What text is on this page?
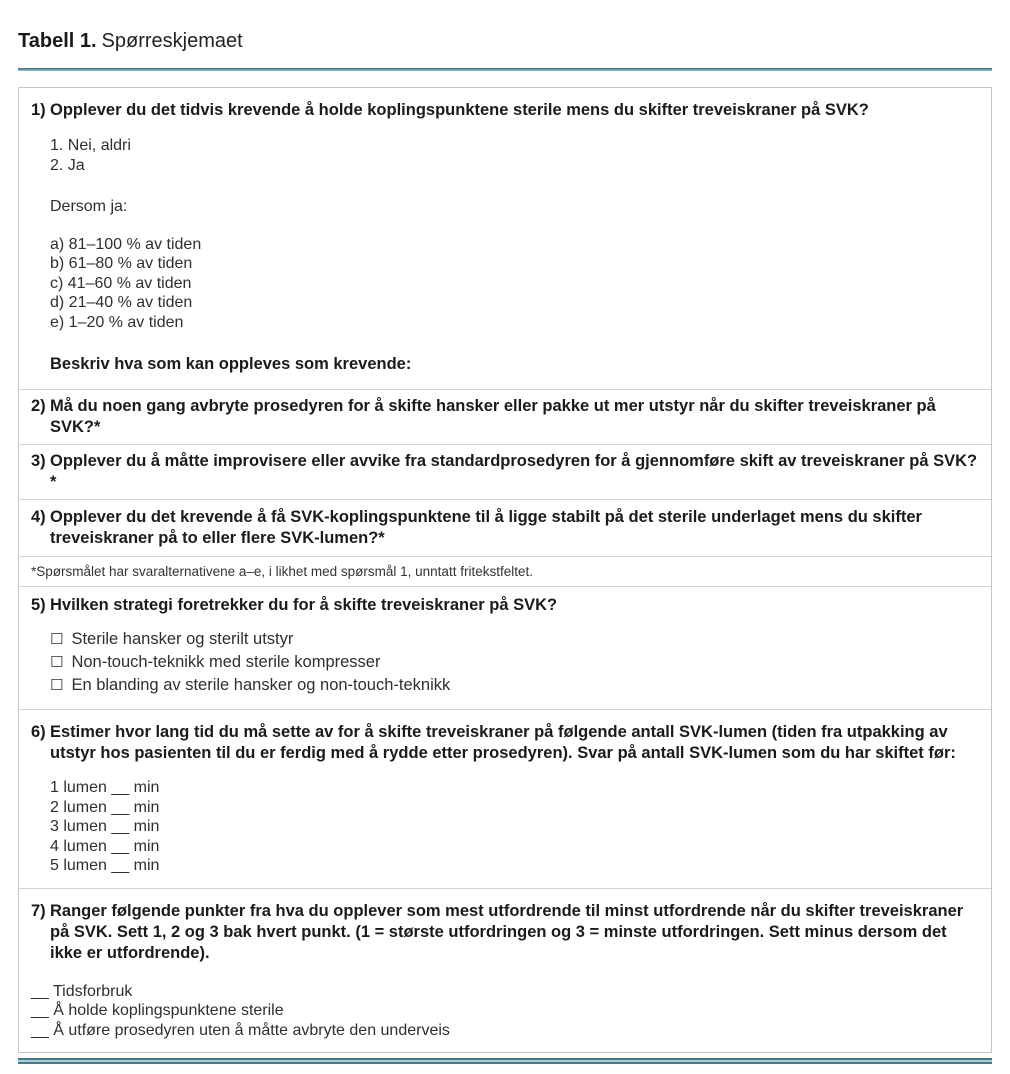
Tabell 1. Spørreskjemaet
1) Opplever du det tidvis krevende å holde koplingspunktene sterile mens du skifter treveiskraner på SVK?
1. Nei, aldri
2. Ja
Dersom ja:
a) 81–100 % av tiden
b) 61–80 % av tiden
c) 41–60 % av tiden
d) 21–40 % av tiden
e) 1–20 % av tiden
Beskriv hva som kan oppleves som krevende:
2) Må du noen gang avbryte prosedyren for å skifte hansker eller pakke ut mer utstyr når du skifter treveiskraner på SVK?*
3) Opplever du å måtte improvisere eller avvike fra standardprosedyren for å gjennomføre skift av treveiskraner på SVK?*
4) Opplever du det krevende å få SVK-koplingspunktene til å ligge stabilt på det sterile underlaget mens du skifter treveiskraner på to eller flere SVK-lumen?*
*Spørsmålet har svaralternativene a–e, i likhet med spørsmål 1, unntatt fritekstfeltet.
5) Hvilken strategi foretrekker du for å skifte treveiskraner på SVK?
☐ Sterile hansker og sterilt utstyr
☐ Non-touch-teknikk med sterile kompresser
☐ En blanding av sterile hansker og non-touch-teknikk
6) Estimer hvor lang tid du må sette av for å skifte treveiskraner på følgende antall SVK-lumen (tiden fra utpakking av utstyr hos pasienten til du er ferdig med å rydde etter prosedyren). Svar på antall SVK-lumen som du har skiftet før:
1 lumen __ min
2 lumen __ min
3 lumen __ min
4 lumen __ min
5 lumen __ min
7) Ranger følgende punkter fra hva du opplever som mest utfordrende til minst utfordrende når du skifter treveiskraner på SVK. Sett 1, 2 og 3 bak hvert punkt. (1 = største utfordringen og 3 = minste utfordringen. Sett minus dersom det ikke er utfordrende).
__ Tidsforbruk
__ Å holde koplingspunktene sterile
__ Å utføre prosedyren uten å måtte avbryte den underveis
